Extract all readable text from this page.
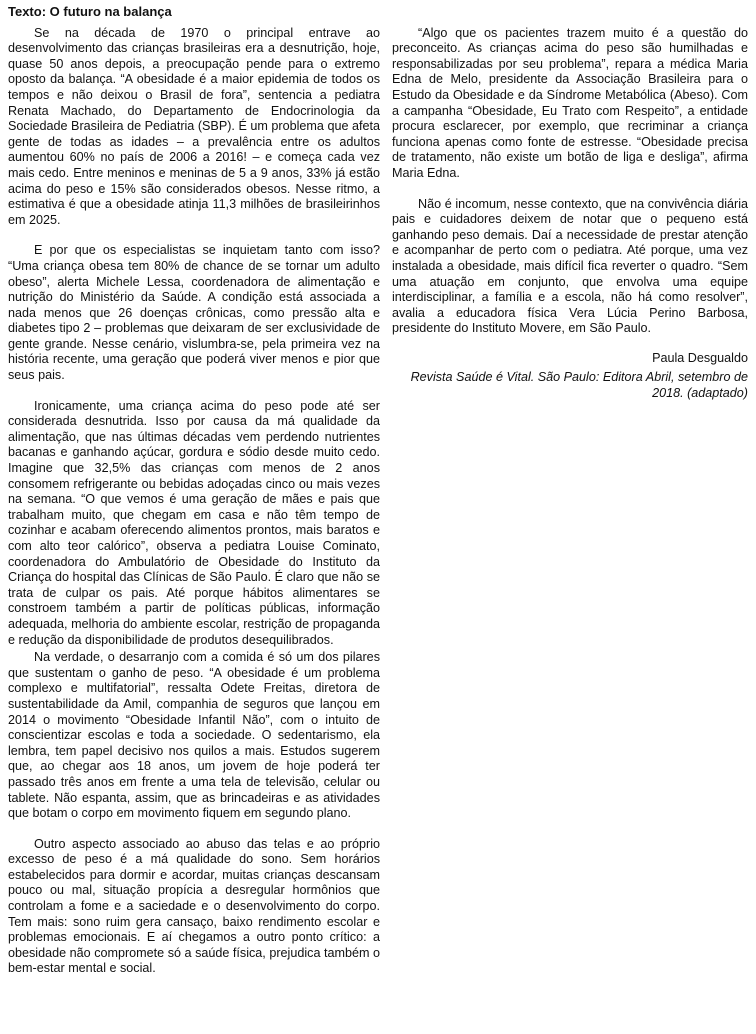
Texto: O futuro na balança

Se na década de 1970 o principal entrave ao desenvolvimento das crianças brasileiras era a desnutrição, hoje, quase 50 anos depois, a preocupação pende para o extremo oposto da balança. “A obesidade é a maior epidemia de todos os tempos e não deixou o Brasil de fora”, sentencia a pediatra Renata Machado, do Departamento de Endocrinologia da Sociedade Brasileira de Pediatria (SBP). É um problema que afeta gente de todas as idades – a prevalência entre os adultos aumentou 60% no país de 2006 a 2016! – e começa cada vez mais cedo. Entre meninos e meninas de 5 a 9 anos, 33% já estão acima do peso e 15% são considerados obesos. Nesse ritmo, a estimativa é que a obesidade atinja 11,3 milhões de brasileirinhos em 2025.

E por que os especialistas se inquietam tanto com isso? “Uma criança obesa tem 80% de chance de se tornar um adulto obeso”, alerta Michele Lessa, coordenadora de alimentação e nutrição do Ministério da Saúde. A condição está associada a nada menos que 26 doenças crônicas, como pressão alta e diabetes tipo 2 – problemas que deixaram de ser exclusividade de gente grande. Nesse cenário, vislumbra-se, pela primeira vez na história recente, uma geração que poderá viver menos e pior que seus pais.

Ironicamente, uma criança acima do peso pode até ser considerada desnutrida. Isso por causa da má qualidade da alimentação, que nas últimas décadas vem perdendo nutrientes bacanas e ganhando açúcar, gordura e sódio desde muito cedo. Imagine que 32,5% das crianças com menos de 2 anos consomem refrigerante ou bebidas adoçadas cinco ou mais vezes na semana. “O que vemos é uma geração de mães e pais que trabalham muito, que chegam em casa e não têm tempo de cozinhar e acabam oferecendo alimentos prontos, mais baratos e com alto teor calórico”, observa a pediatra Louise Cominato, coordenadora do Ambulatório de Obesidade do Instituto da Criança do hospital das Clínicas de São Paulo. É claro que não se trata de culpar os pais. Até porque hábitos alimentares se constroem também a partir de políticas públicas, informação adequada, melhoria do ambiente escolar, restrição de propaganda e redução da disponibilidade de produtos desequilibrados.

Na verdade, o desarranjo com a comida é só um dos pilares que sustentam o ganho de peso. “A obesidade é um problema complexo e multifatorial”, ressalta Odete Freitas, diretora de sustentabilidade da Amil, companhia de seguros que lançou em 2014 o movimento “Obesidade Infantil Não”, com o intuito de conscientizar escolas e toda a sociedade. O sedentarismo, ela lembra, tem papel decisivo nos quilos a mais. Estudos sugerem que, ao chegar aos 18 anos, um jovem de hoje poderá ter passado três anos em frente a uma tela de televisão, celular ou tablete. Não espanta, assim, que as brincadeiras e as atividades que botam o corpo em movimento fiquem em segundo plano.

Outro aspecto associado ao abuso das telas e ao próprio excesso de peso é a má qualidade do sono. Sem horários estabelecidos para dormir e acordar, muitas crianças descansam pouco ou mal, situação propícia a desregular hormônios que controlam a fome e a saciedade e o desenvolvimento do corpo. Tem mais: sono ruim gera cansaço, baixo rendimento escolar e problemas emocionais. E aí chegamos a outro ponto crítico: a obesidade não compromete só a saúde física, prejudica também o bem-estar mental e social.

“Algo que os pacientes trazem muito é a questão do preconceito. As crianças acima do peso são humilhadas e responsabilizadas por seu problema”, repara a médica Maria Edna de Melo, presidente da Associação Brasileira para o Estudo da Obesidade e da Síndrome Metabólica (Abeso). Com a campanha “Obesidade, Eu Trato com Respeito”, a entidade procura esclarecer, por exemplo, que recriminar a criança funciona apenas como fonte de estresse. “Obesidade precisa de tratamento, não existe um botão de liga e desliga”, afirma Maria Edna.

Não é incomum, nesse contexto, que na convivência diária pais e cuidadores deixem de notar que o pequeno está ganhando peso demais. Daí a necessidade de prestar atenção e acompanhar de perto com o pediatra. Até porque, uma vez instalada a obesidade, mais difícil fica reverter o quadro. “Sem uma atuação em conjunto, que envolva uma equipe interdisciplinar, a família e a escola, não há como resolver”, avalia a educadora física Vera Lúcia Perino Barbosa, presidente do Instituto Movere, em São Paulo.

Paula Desgualdo

Revista Saúde é Vital. São Paulo: Editora Abril, setembro de 2018. (adaptado)
